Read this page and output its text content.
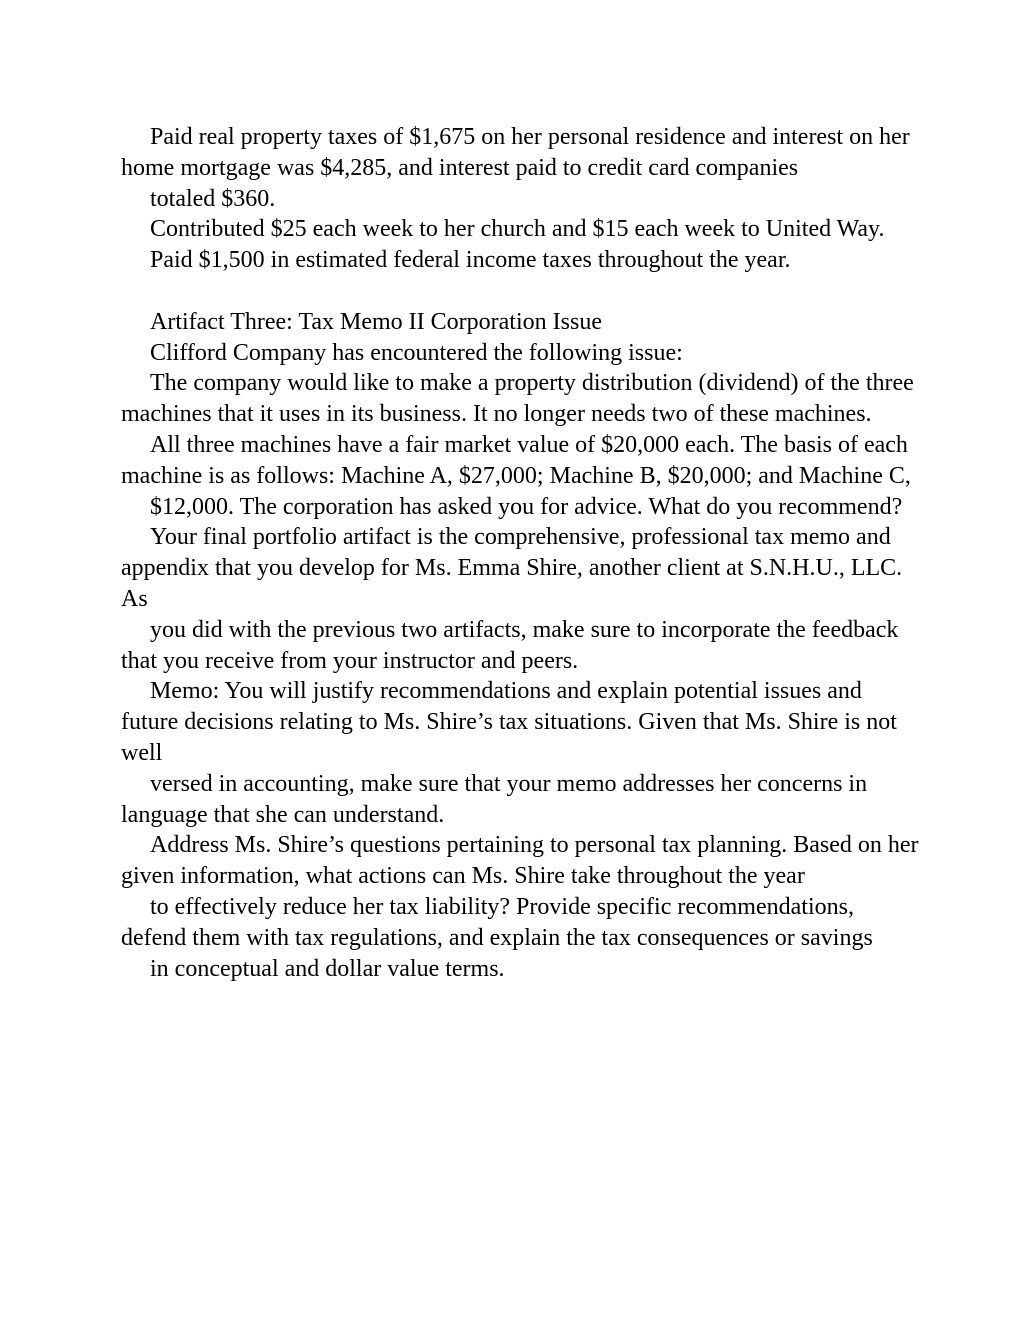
Paid real property taxes of $1,675 on her personal residence and interest on her home mortgage was $4,285, and interest paid to credit card companies

totaled $360.

Contributed $25 each week to her church and $15 each week to United Way.

Paid $1,500 in estimated federal income taxes throughout the year.

Artifact Three: Tax Memo II Corporation Issue

Clifford Company has encountered the following issue:

The company would like to make a property distribution (dividend) of the three machines that it uses in its business. It no longer needs two of these machines.

All three machines have a fair market value of $20,000 each. The basis of each machine is as follows: Machine A, $27,000; Machine B, $20,000; and Machine C,

$12,000. The corporation has asked you for advice. What do you recommend?

Your final portfolio artifact is the comprehensive, professional tax memo and appendix that you develop for Ms. Emma Shire, another client at S.N.H.U., LLC. As

you did with the previous two artifacts, make sure to incorporate the feedback that you receive from your instructor and peers.

Memo: You will justify recommendations and explain potential issues and future decisions relating to Ms. Shire’s tax situations. Given that Ms. Shire is not well

versed in accounting, make sure that your memo addresses her concerns in language that she can understand.

Address Ms. Shire’s questions pertaining to personal tax planning. Based on her given information, what actions can Ms. Shire take throughout the year

to effectively reduce her tax liability? Provide specific recommendations, defend them with tax regulations, and explain the tax consequences or savings

in conceptual and dollar value terms.
